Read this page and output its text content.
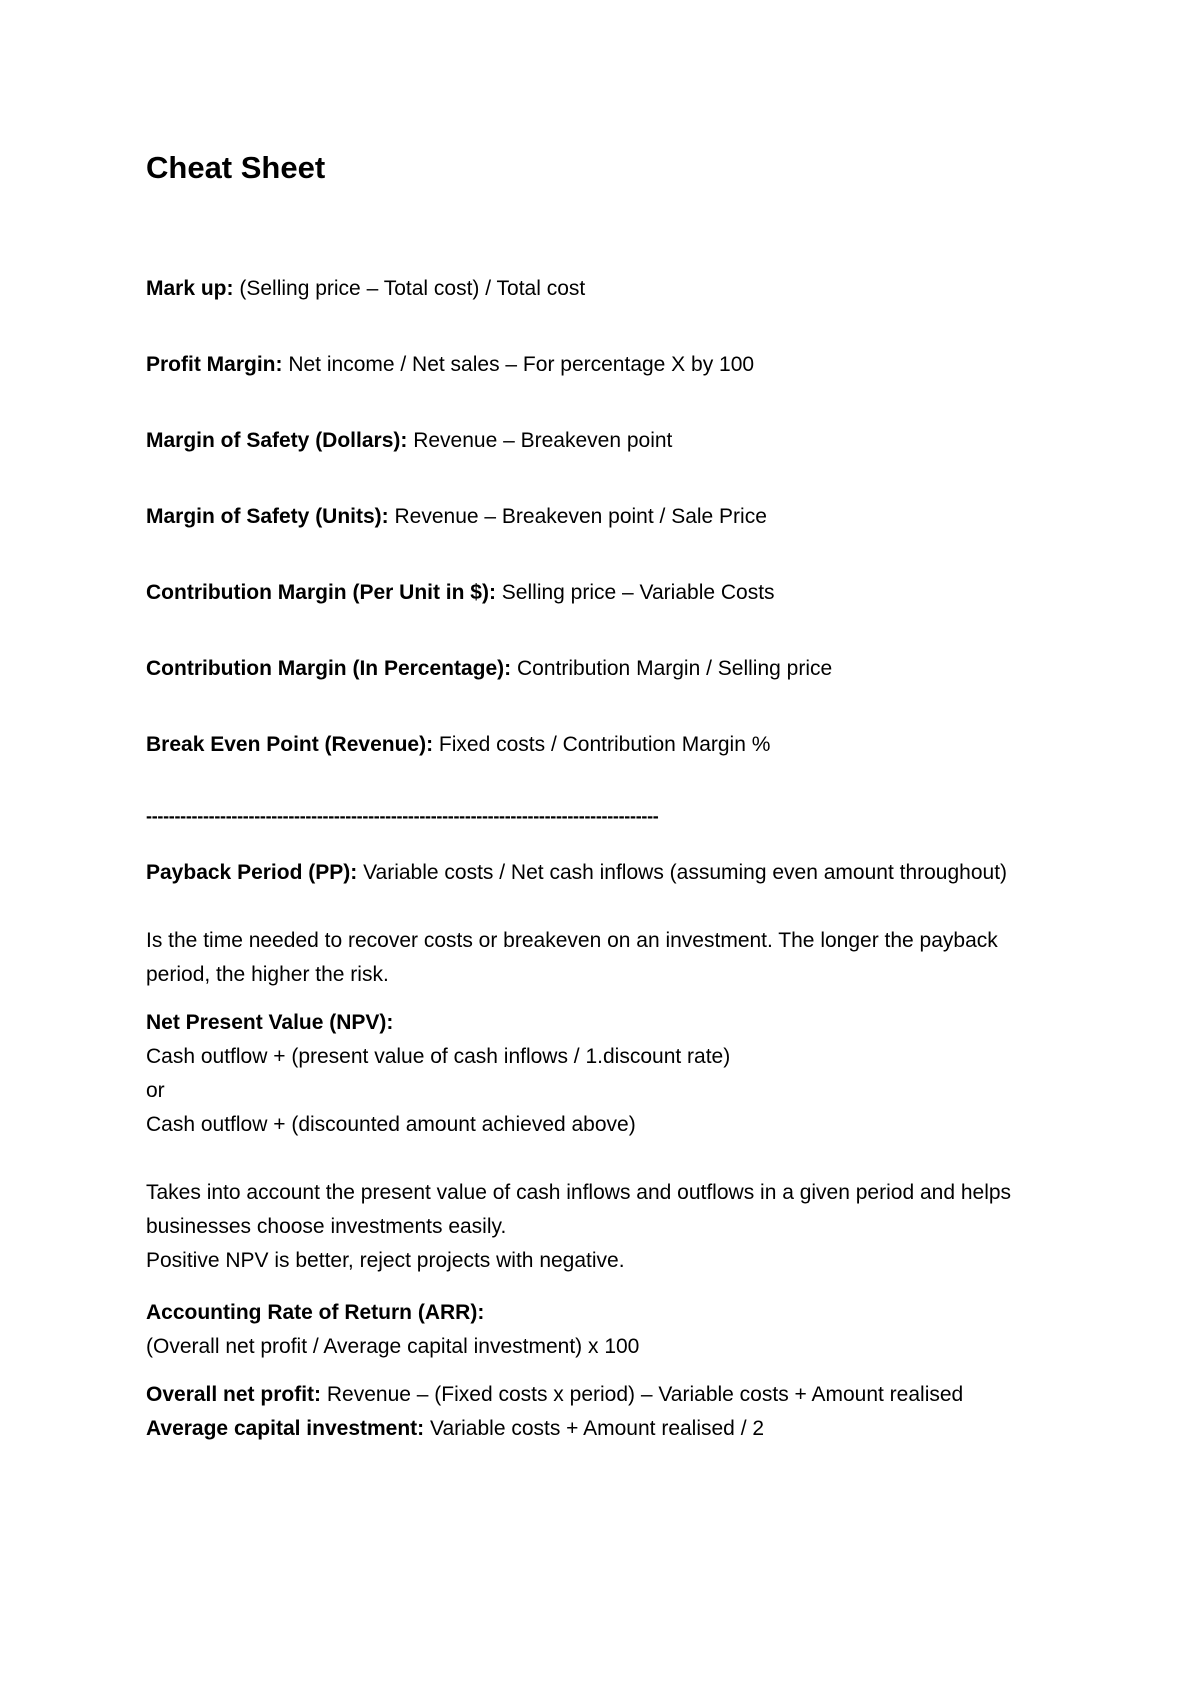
Cheat Sheet
Mark up: (Selling price – Total cost) / Total cost
Profit Margin: Net income / Net sales – For percentage X by 100
Margin of Safety (Dollars): Revenue – Breakeven point
Margin of Safety (Units): Revenue – Breakeven point / Sale Price
Contribution Margin (Per Unit in $): Selling price – Variable Costs
Contribution Margin (In Percentage): Contribution Margin / Selling price
Break Even Point (Revenue): Fixed costs / Contribution Margin %
------------------------------------------------------------------------------------------
Payback Period (PP): Variable costs / Net cash inflows (assuming even amount throughout)
Is the time needed to recover costs or breakeven on an investment. The longer the payback
period, the higher the risk.
Net Present Value (NPV):
Cash outflow + (present value of cash inflows / 1.discount rate)
or
Cash outflow + (discounted amount achieved above)
Takes into account the present value of cash inflows and outflows in a given period and helps
businesses choose investments easily.
Positive NPV is better, reject projects with negative.
Accounting Rate of Return (ARR):
(Overall net profit / Average capital investment) x 100
Overall net profit: Revenue – (Fixed costs x period) – Variable costs + Amount realised
Average capital investment: Variable costs + Amount realised / 2
